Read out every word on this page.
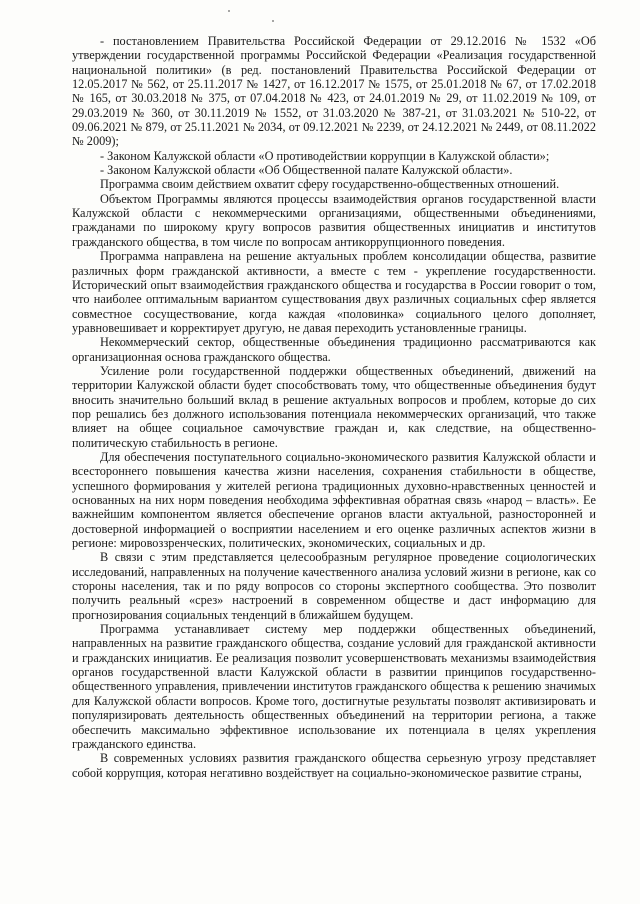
- постановлением Правительства Российской Федерации от 29.12.2016 № 1532 «Об утверждении государственной программы Российской Федерации «Реализация государственной национальной политики» (в ред. постановлений Правительства Российской Федерации от 12.05.2017 № 562, от 25.11.2017 № 1427, от 16.12.2017 № 1575, от 25.01.2018 № 67, от 17.02.2018 № 165, от 30.03.2018 № 375, от 07.04.2018 № 423, от 24.01.2019 № 29, от 11.02.2019 № 109, от 29.03.2019 № 360, от 30.11.2019 № 1552, от 31.03.2020 № 387-21, от 31.03.2021 № 510-22, от 09.06.2021 № 879, от 25.11.2021 № 2034, от 09.12.2021 № 2239, от 24.12.2021 № 2449, от 08.11.2022 № 2009);

- Законом Калужской области «О противодействии коррупции в Калужской области»;

- Законом Калужской области «Об Общественной палате Калужской области».

Программа своим действием охватит сферу государственно-общественных отношений.

Объектом Программы являются процессы взаимодействия органов государственной власти Калужской области с некоммерческими организациями, общественными объединениями, гражданами по широкому кругу вопросов развития общественных инициатив и институтов гражданского общества, в том числе по вопросам антикоррупционного поведения.

Программа направлена на решение актуальных проблем консолидации общества, развитие различных форм гражданской активности, а вместе с тем - укрепление государственности. Исторический опыт взаимодействия гражданского общества и государства в России говорит о том, что наиболее оптимальным вариантом существования двух различных социальных сфер является совместное сосуществование, когда каждая «половинка» социального целого дополняет, уравновешивает и корректирует другую, не давая переходить установленные границы.

Некоммерческий сектор, общественные объединения традиционно рассматриваются как организационная основа гражданского общества.

Усиление роли государственной поддержки общественных объединений, движений на территории Калужской области будет способствовать тому, что общественные объединения будут вносить значительно больший вклад в решение актуальных вопросов и проблем, которые до сих пор решались без должного использования потенциала некоммерческих организаций, что также влияет на общее социальное самочувствие граждан и, как следствие, на общественно-политическую стабильность в регионе.

Для обеспечения поступательного социально-экономического развития Калужской области и всестороннего повышения качества жизни населения, сохранения стабильности в обществе, успешного формирования у жителей региона традиционных духовно-нравственных ценностей и основанных на них норм поведения необходима эффективная обратная связь «народ – власть». Ее важнейшим компонентом является обеспечение органов власти актуальной, разносторонней и достоверной информацией о восприятии населением и его оценке различных аспектов жизни в регионе: мировоззренческих, политических, экономических, социальных и др.

В связи с этим представляется целесообразным регулярное проведение социологических исследований, направленных на получение качественного анализа условий жизни в регионе, как со стороны населения, так и по ряду вопросов со стороны экспертного сообщества. Это позволит получить реальный «срез» настроений в современном обществе и даст информацию для прогнозирования социальных тенденций в ближайшем будущем.

Программа устанавливает систему мер поддержки общественных объединений, направленных на развитие гражданского общества, создание условий для гражданской активности и гражданских инициатив. Ее реализация позволит усовершенствовать механизмы взаимодействия органов государственной власти Калужской области в развитии принципов государственно-общественного управления, привлечении институтов гражданского общества к решению значимых для Калужской области вопросов. Кроме того, достигнутые результаты позволят активизировать и популяризировать деятельность общественных объединений на территории региона, а также обеспечить максимально эффективное использование их потенциала в целях укрепления гражданского единства.

В современных условиях развития гражданского общества серьезную угрозу представляет собой коррупция, которая негативно воздействует на социально-экономическое развитие страны,
